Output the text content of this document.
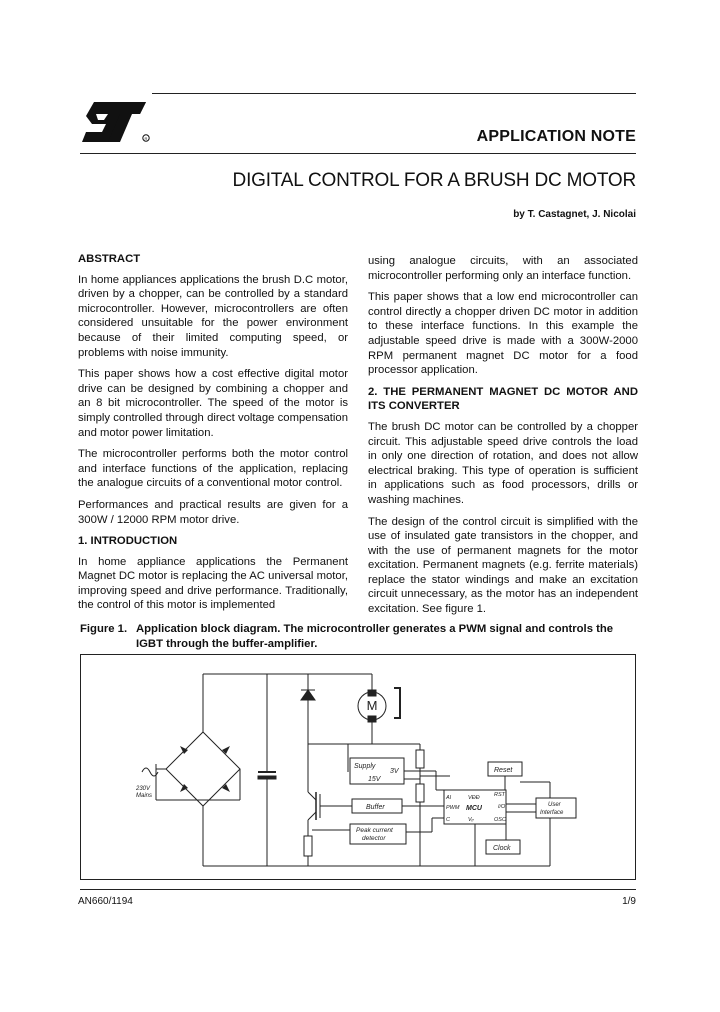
R	APPLICATION NOTE
DIGITAL CONTROL FOR A BRUSH DC MOTOR
by T. Castagnet, J. Nicolai
ABSTRACT

In home appliances applications the brush D.C motor, driven by a chopper, can be controlled by a standard microcontroller. However, microcontrollers are often considered unsuitable for the power environment because of their limited computing speed, or problems with noise immunity.

This paper shows how a cost effective digital motor drive can be designed by combining a chopper and an 8 bit microcontroller. The speed of the motor is simply controlled through direct voltage compensation and motor power limitation.

The microcontroller performs both the motor control and interface functions of the application, replacing the analogue circuits of a conventional motor control.

Performances and practical results are given for a 300W / 12000 RPM motor drive.

1. INTRODUCTION

In home appliance applications the Permanent Magnet DC motor is replacing the AC universal motor, improving speed and drive performance. Traditionally, the control of this motor is implemented

using analogue circuits, with an associated microcontroller performing only an interface function.

This paper shows that a low end microcontroller can control directly a chopper driven DC motor in addition to these interface functions. In this example the adjustable speed drive is made with a 300W-2000 RPM permanent magnet DC motor for a food processor application.

2. THE PERMANENT MAGNET DC MOTOR AND ITS CONVERTER

The brush DC motor can be controlled by a chopper circuit. This adjustable speed drive controls the load in only one direction of rotation, and does not allow electrical braking. This type of operation is sufficient in applications such as food processors, drills or washing machines.

The design of the control circuit is simplified with the use of insulated gate transistors in the chopper, and with the use of permanent magnets for the motor excitation. Permanent magnets (e.g. ferrite materials) replace the stator windings and make an excitation circuit unnecessary, as the motor has an independent excitation. See figure 1.

Figure 1. Application block diagram. The microcontroller generates a PWM signal and controls the
IGBT through the buffer-amplifier.
M
230V
Mains
Supply
15V
3V
Buffer
Peak current
detector
MCU
VĐĐ
Vᵣᵣ
AI
PWM
C
RST
I/O
OSC
Reset
Clock
User
Interface
AN660/1194	1/9
